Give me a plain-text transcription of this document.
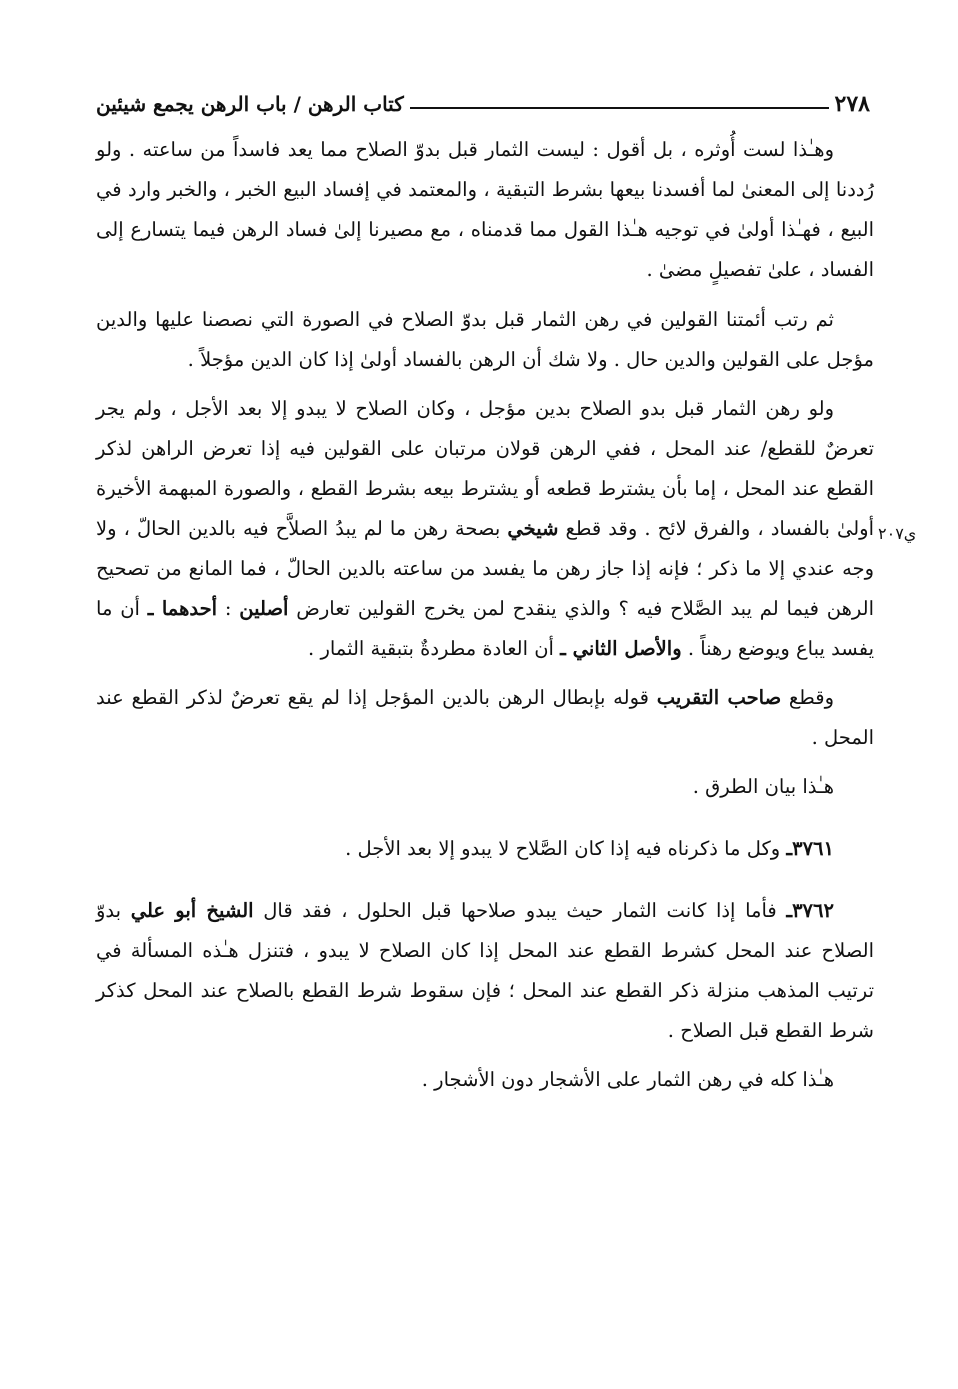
٢٧٨
كتاب الرهن / باب الرهن يجمع شيئين
ي٢٠٧

وهـٰذا لست أُوثره ، بل أقول : ليست الثمار قبل بدوّ الصلاح مما يعد فاسداً من ساعته . ولو رُددنا إلى المعنىٰ لما أفسدنا بيعها بشرط التبقية ، والمعتمد في إفساد البيع الخبر ، والخبر وارد في البيع ، فهـٰذا أولىٰ في توجيه هـٰذا القول مما قدمناه ، مع مصيرنا إلىٰ فساد الرهن فيما يتسارع إلى الفساد ، علىٰ تفصيلٍ مضىٰ .

ثم رتب أئمتنا القولين في رهن الثمار قبل بدوّ الصلاح في الصورة التي نصصنا عليها والدين مؤجل على القولين والدين حال . ولا شك أن الرهن بالفساد أولىٰ إذا كان الدين مؤجلاً .

ولو رهن الثمار قبل بدو الصلاح بدين مؤجل ، وكان الصلاح لا يبدو إلا بعد الأجل ، ولم يجر تعرضٌ للقطع/ عند المحل ، ففي الرهن قولان مرتبان على القولين فيه إذا تعرض الراهن لذكر القطع عند المحل ، إما بأن يشترط قطعه أو يشترط بيعه بشرط القطع ، والصورة المبهمة الأخيرة أولىٰ بالفساد ، والفرق لائح . وقد قطع شيخي بصحة رهن ما لم يبدُ الصلاَّح فيه بالدين الحالّ ، ولا وجه عندي إلا ما ذكر ؛ فإنه إذا جاز رهن ما يفسد من ساعته بالدين الحالّ ، فما المانع من تصحيح الرهن فيما لم يبد الصَّلاح فيه ؟ والذي ينقدح لمن يخرج القولين تعارض أصلين : أحدهما ـ أن ما يفسد يباع ويوضع رهناً . والأصل الثاني ـ أن العادة مطردةٌ بتبقية الثمار .

وقطع صاحب التقريب قوله بإبطال الرهن بالدين المؤجل إذا لم يقع تعرضٌ لذكر القطع عند المحل .

هـٰذا بيان الطرق .

٣٧٦١ـ وكل ما ذكرناه فيه إذا كان الصَّلاح لا يبدو إلا بعد الأجل .

٣٧٦٢ـ فأما إذا كانت الثمار حيث يبدو صلاحها قبل الحلول ، فقد قال الشيخ أبو علي بدوّ الصلاح عند المحل كشرط القطع عند المحل إذا كان الصلاح لا يبدو ، فتنزل هـٰذه المسألة في ترتيب المذهب منزلة ذكر القطع عند المحل ؛ فإن سقوط شرط القطع بالصلاح عند المحل كذكر شرط القطع قبل الصلاح .

هـٰذا كله في رهن الثمار على الأشجار دون الأشجار .
